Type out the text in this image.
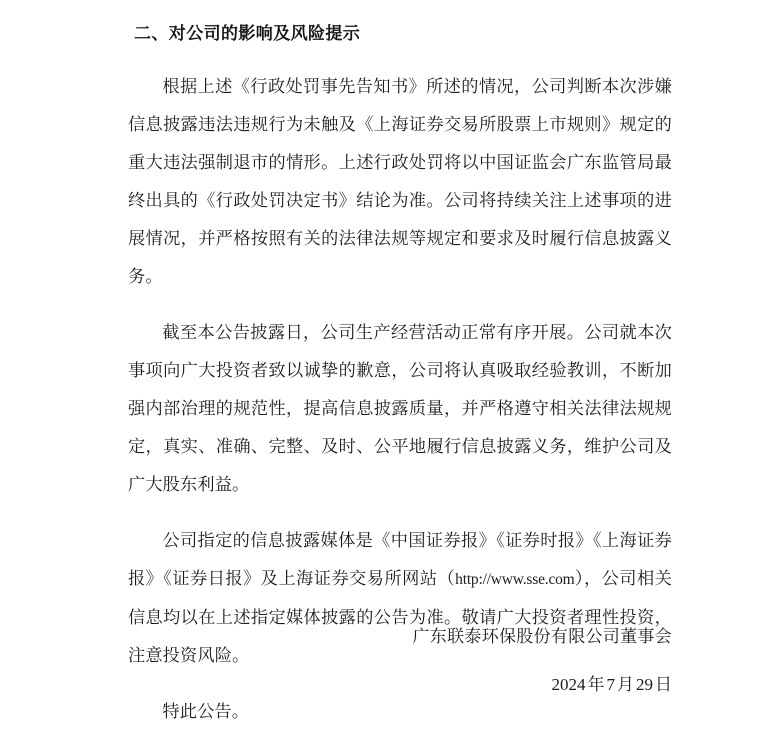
二、对公司的影响及风险提示

根据上述《行政处罚事先告知书》所述的情况，公司判断本次涉嫌信息披露违法违规行为未触及《上海证券交易所股票上市规则》规定的重大违法强制退市的情形。上述行政处罚将以中国证监会广东监管局最终出具的《行政处罚决定书》结论为准。公司将持续关注上述事项的进展情况，并严格按照有关的法律法规等规定和要求及时履行信息披露义务。

截至本公告披露日，公司生产经营活动正常有序开展。公司就本次事项向广大投资者致以诚挚的歉意，公司将认真吸取经验教训，不断加强内部治理的规范性，提高信息披露质量，并严格遵守相关法律法规规定，真实、准确、完整、及时、公平地履行信息披露义务，维护公司及广大股东利益。

公司指定的信息披露媒体是《中国证券报》《证券时报》《上海证券报》《证券日报》及上海证券交易所网站（http://www.sse.com），公司相关信息均以在上述指定媒体披露的公告为准。敬请广大投资者理性投资，注意投资风险。

特此公告。

广东联泰环保股份有限公司董事会
2024 年 7 月 29 日
